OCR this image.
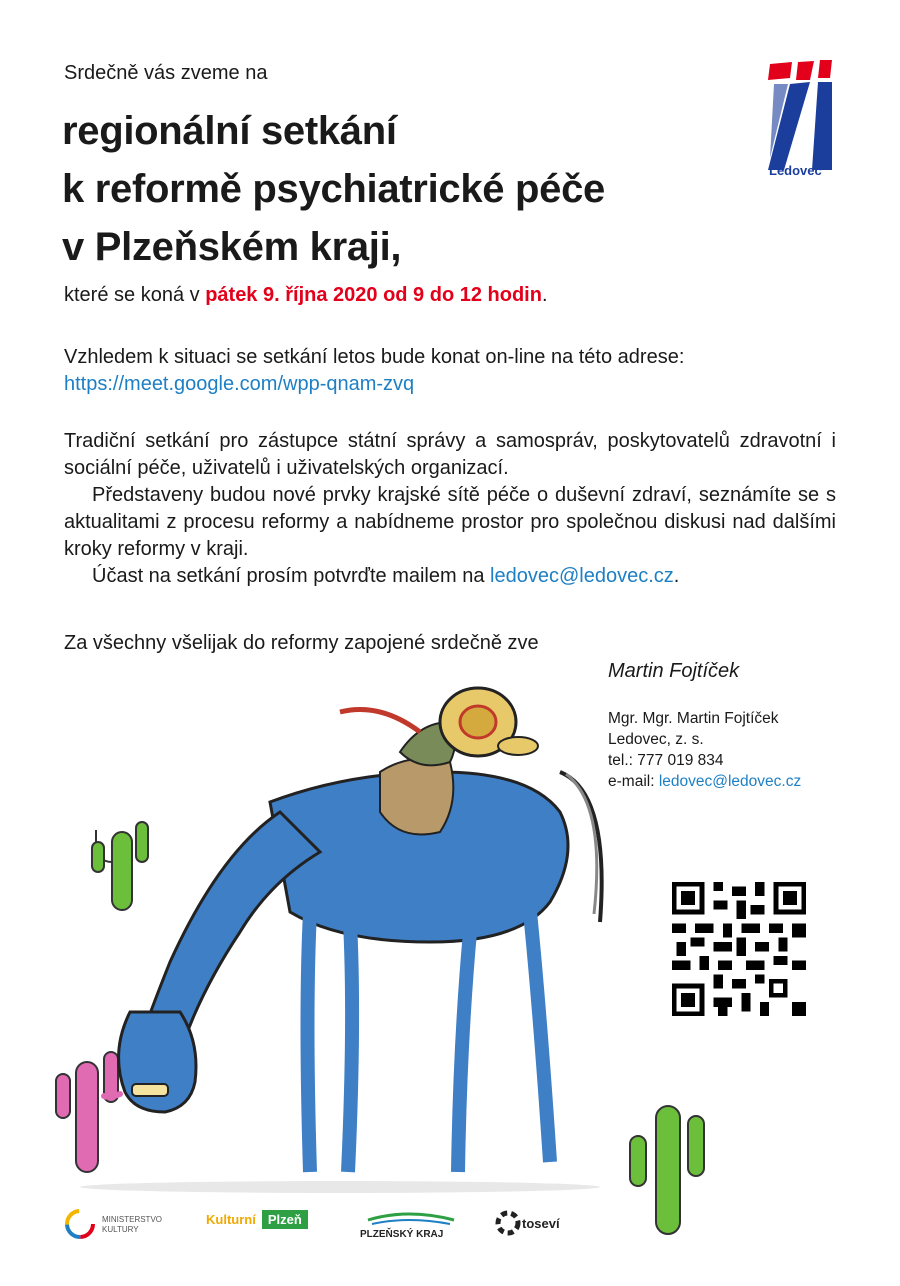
Srdečně vás zveme na
regionální setkání
k reformě psychiatrické péče
v Plzeňském kraji,
které se koná v pátek 9. října 2020 od 9 do 12 hodin.
Vzhledem k situaci se setkání letos bude konat on-line na této adrese:
https://meet.google.com/wpp-qnam-zvq
Tradiční setkání pro zástupce státní správy a samospráv, poskytovatelů zdravotní i sociální péče, uživatelů i uživatelských organizací.
Představeny budou nové prvky krajské sítě péče o duševní zdraví, seznámíte se s aktualitami z procesu reformy a nabídneme prostor pro společnou diskusi nad dalšími kroky reformy v kraji.
Účast na setkání prosím potvrďte mailem na ledovec@ledovec.cz.
Za všechny všelijak do reformy zapojené srdečně zve
Martin Fojtíček
Mgr. Mgr. Martin Fojtíček
Ledovec, z. s.
tel.: 777 019 834
e-mail: ledovec@ledovec.cz
Ledovec
MINISTERSTVO
KULTURY
Kulturní Plzeň
PLZEŇSKÝ KRAJ
toseví
